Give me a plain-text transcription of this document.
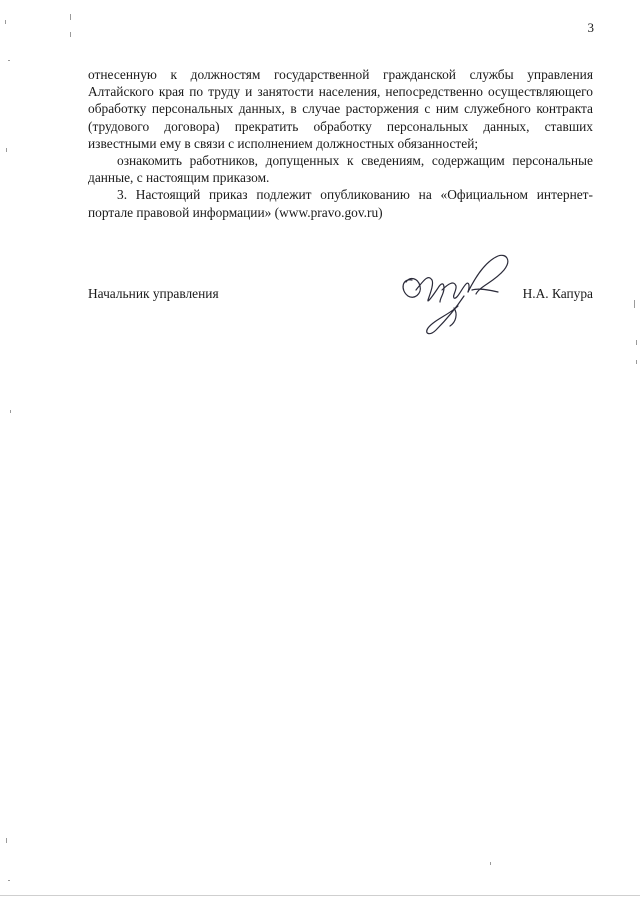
3

отнесенную к должностям государственной гражданской службы управления Алтайского края по труду и занятости населения, непосредственно осуществляющего обработку персональных данных, в случае расторжения с ним служебного контракта (трудового договора) прекратить обработку персональных данных, ставших известными ему в связи с исполнением должностных обязанностей;

ознакомить работников, допущенных к сведениям, содержащим персональные данные, с настоящим приказом.

3. Настоящий приказ подлежит опубликованию на «Официальном интернет-портале правовой информации» (www.pravo.gov.ru)

Начальник управления	Н.А. Капура
